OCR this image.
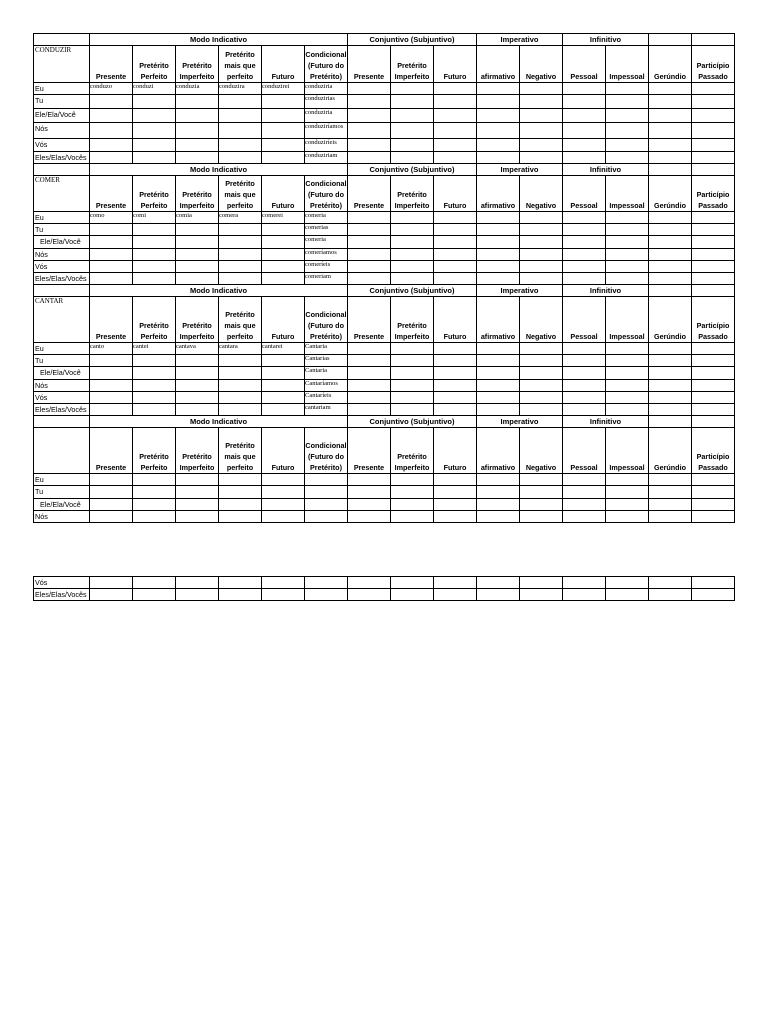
	Modo Indicativo						Conjuntivo (Subjuntivo)			Imperativo		Infinitivo			
CONDUZIR	Presente	Pretérito Perfeito	Pretérito Imperfeito	Pretérito mais que perfeito	Futuro	Condicional (Futuro do Pretérito)	Presente	Pretérito Imperfeito	Futuro	afirmativo	Negativo	Pessoal	Impessoal	Gerúndio	Particípio Passado
Eu	conduzo	conduzi	conduzia	conduzira	conduzirei	conduziria									
Tu						conduzirias									
Ele/Ela/Você						conduziria									
Nós						conduziríamos									
Vós						conduziríeis									
Eles/Elas/Vocês						conduziriam									
	Modo Indicativo						Conjuntivo (Subjuntivo)			Imperativo		Infinitivo			
COMER	Presente	Pretérito Perfeito	Pretérito Imperfeito	Pretérito mais que perfeito	Futuro	Condicional (Futuro do Pretérito)	Presente	Pretérito Imperfeito	Futuro	afirmativo	Negativo	Pessoal	Impessoal	Gerúndio	Particípio Passado
Eu	como	comi	comia	comera	comerei	comeria									
Tu						comerias									
Ele/Ela/Você						comeria									
Nós						comeríamos									
Vós						comeríeis									
Eles/Elas/Vocês						comeriam									
	Modo Indicativo						Conjuntivo (Subjuntivo)			Imperativo		Infinitivo			
CANTAR	Presente	Pretérito Perfeito	Pretérito Imperfeito	Pretérito mais que perfeito	Futuro	Condicional (Futuro do Pretérito)	Presente	Pretérito Imperfeito	Futuro	afirmativo	Negativo	Pessoal	Impessoal	Gerúndio	Particípio Passado
Eu	canto	cantei	cantava	cantara	cantarei	Cantaria									
Tu						Cantarias									
Ele/Ela/Você						Cantaria									
Nós						Cantaríamos									
Vós						Cantaríeis									
Eles/Elas/Vocês						cantariam									
	Modo Indicativo						Conjuntivo (Subjuntivo)			Imperativo		Infinitivo			
	Presente	Pretérito Perfeito	Pretérito Imperfeito	Pretérito mais que perfeito	Futuro	Condicional (Futuro do Pretérito)	Presente	Pretérito Imperfeito	Futuro	afirmativo	Negativo	Pessoal	Impessoal	Gerúndio	Particípio Passado
Eu															
Tu															
Ele/Ela/Você															
Nós															
Vós															
Eles/Elas/Vocês															
